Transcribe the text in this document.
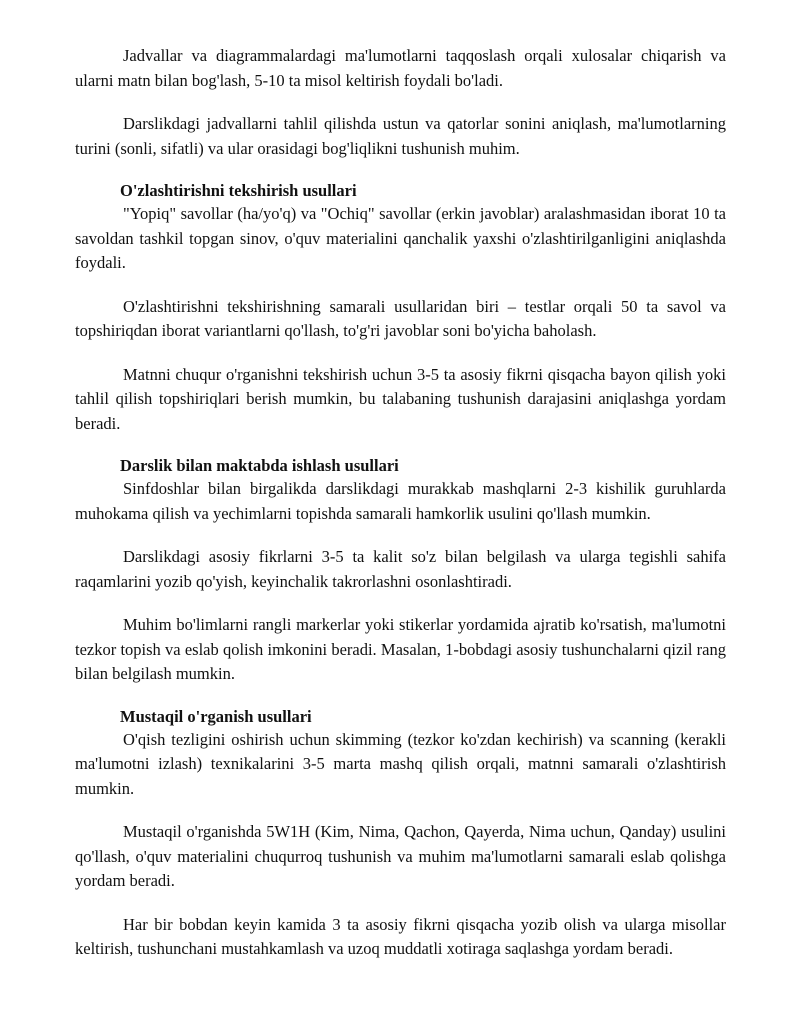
Jadvallar va diagrammalardagi ma'lumotlarni taqqoslash orqali xulosalar chiqarish va ularni matn bilan bog'lash, 5-10 ta misol keltirish foydali bo'ladi.

Darslikdagi jadvallarni tahlil qilishda ustun va qatorlar sonini aniqlash, ma'lumotlarning turini (sonli, sifatli) va ular orasidagi bog'liqlikni tushunish muhim.

O'zlashtirishni tekshirish usullari

"Yopiq" savollar (ha/yo'q) va "Ochiq" savollar (erkin javoblar) aralashmasidan iborat 10 ta savoldan tashkil topgan sinov, o'quv materialini qanchalik yaxshi o'zlashtirilganligini aniqlashda foydali.

O'zlashtirishni tekshirishning samarali usullaridan biri – testlar orqali 50 ta savol va topshiriqdan iborat variantlarni qo'llash, to'g'ri javoblar soni bo'yicha baholash.

Matnni chuqur o'rganishni tekshirish uchun 3-5 ta asosiy fikrni qisqacha bayon qilish yoki tahlil qilish topshiriqlari berish mumkin, bu talabaning tushunish darajasini aniqlashga yordam beradi.

Darslik bilan maktabda ishlash usullari

Sinfdoshlar bilan birgalikda darslikdagi murakkab mashqlarni 2-3 kishilik guruhlarda muhokama qilish va yechimlarni topishda samarali hamkorlik usulini qo'llash mumkin.

Darslikdagi asosiy fikrlarni 3-5 ta kalit so'z bilan belgilash va ularga tegishli sahifa raqamlarini yozib qo'yish, keyinchalik takrorlashni osonlashtiradi.

Muhim bo'limlarni rangli markerlar yoki stikerlar yordamida ajratib ko'rsatish, ma'lumotni tezkor topish va eslab qolish imkonini beradi. Masalan, 1-bobdagi asosiy tushunchalarni qizil rang bilan belgilash mumkin.

Mustaqil o'rganish usullari

O'qish tezligini oshirish uchun skimming (tezkor ko'zdan kechirish) va scanning (kerakli ma'lumotni izlash) texnikalarini 3-5 marta mashq qilish orqali, matnni samarali o'zlashtirish mumkin.

Mustaqil o'rganishda 5W1H (Kim, Nima, Qachon, Qayerda, Nima uchun, Qanday) usulini qo'llash, o'quv materialini chuqurroq tushunish va muhim ma'lumotlarni samarali eslab qolishga yordam beradi.

Har bir bobdan keyin kamida 3 ta asosiy fikrni qisqacha yozib olish va ularga misollar keltirish, tushunchani mustahkamlash va uzoq muddatli xotiraga saqlashga yordam beradi.
